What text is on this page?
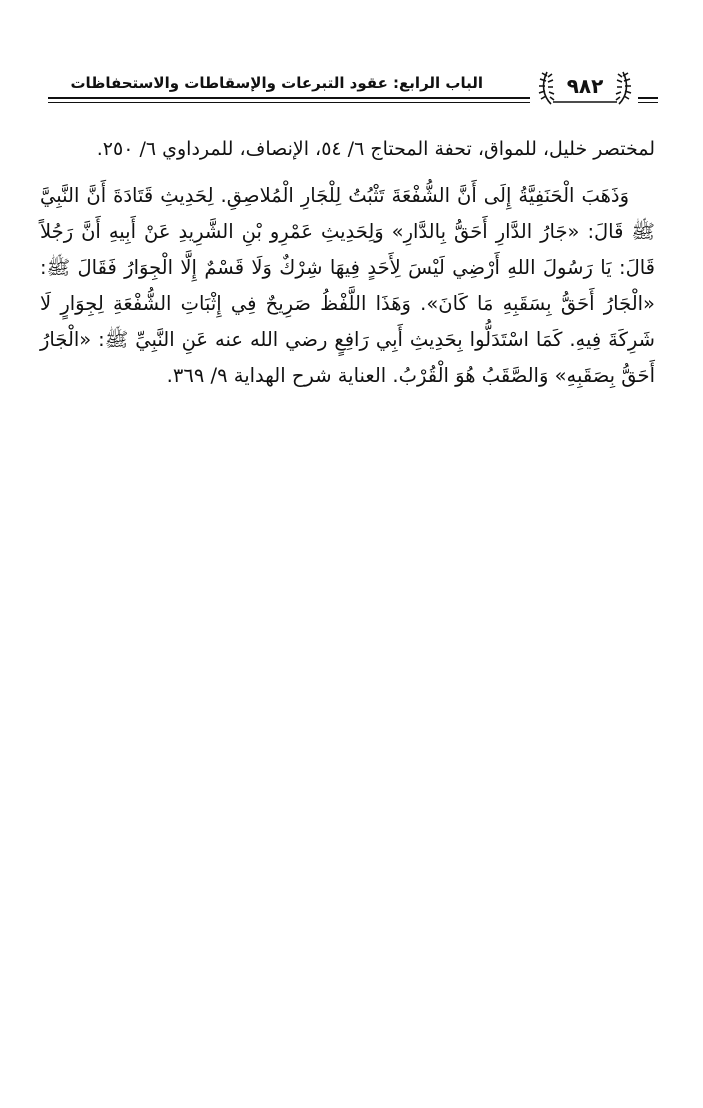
الباب الرابع: عقود التبرعات والإسقاطات والاستحفاظات	٩٨٢

لمختصر خليل، للمواق، تحفة المحتاج ٦/ ٥٤، الإنصاف، للمرداوي ٦/ ٢٥٠.

وَذَهَبَ الْحَنَفِيَّةُ إِلَى أَنَّ الشُّفْعَةَ تَثْبُتُ لِلْجَارِ الْمُلاصِقِ. لِحَدِيثِ قَتَادَةَ أَنَّ النَّبِيَّ ﷺ قَالَ: «جَارُ الدَّارِ أَحَقُّ بِالدَّارِ» وَلِحَدِيثِ عَمْرِو بْنِ الشَّرِيدِ عَنْ أَبِيهِ أَنَّ رَجُلاً قَالَ: يَا رَسُولَ اللهِ أَرْضِي لَيْسَ لِأَحَدٍ فِيهَا شِرْكٌ وَلَا قَسْمٌ إِلَّا الْجِوَارُ فَقَالَ ﷺ: «الْجَارُ أَحَقُّ بِسَقَبِهِ مَا كَانَ». وَهَذَا اللَّفْظُ صَرِيحٌ فِي إِثْبَاتِ الشُّفْعَةِ لِجِوَارٍ لَا شَرِكَةَ فِيهِ. كَمَا اسْتَدَلُّوا بِحَدِيثِ أَبِي رَافِعٍ رضي الله عنه عَنِ النَّبِيِّ ﷺ: «الْجَارُ أَحَقُّ بِصَقَبِهِ» وَالصَّقَبُ هُوَ الْقُرْبُ. العناية شرح الهداية ٩/ ٣٦٩.
